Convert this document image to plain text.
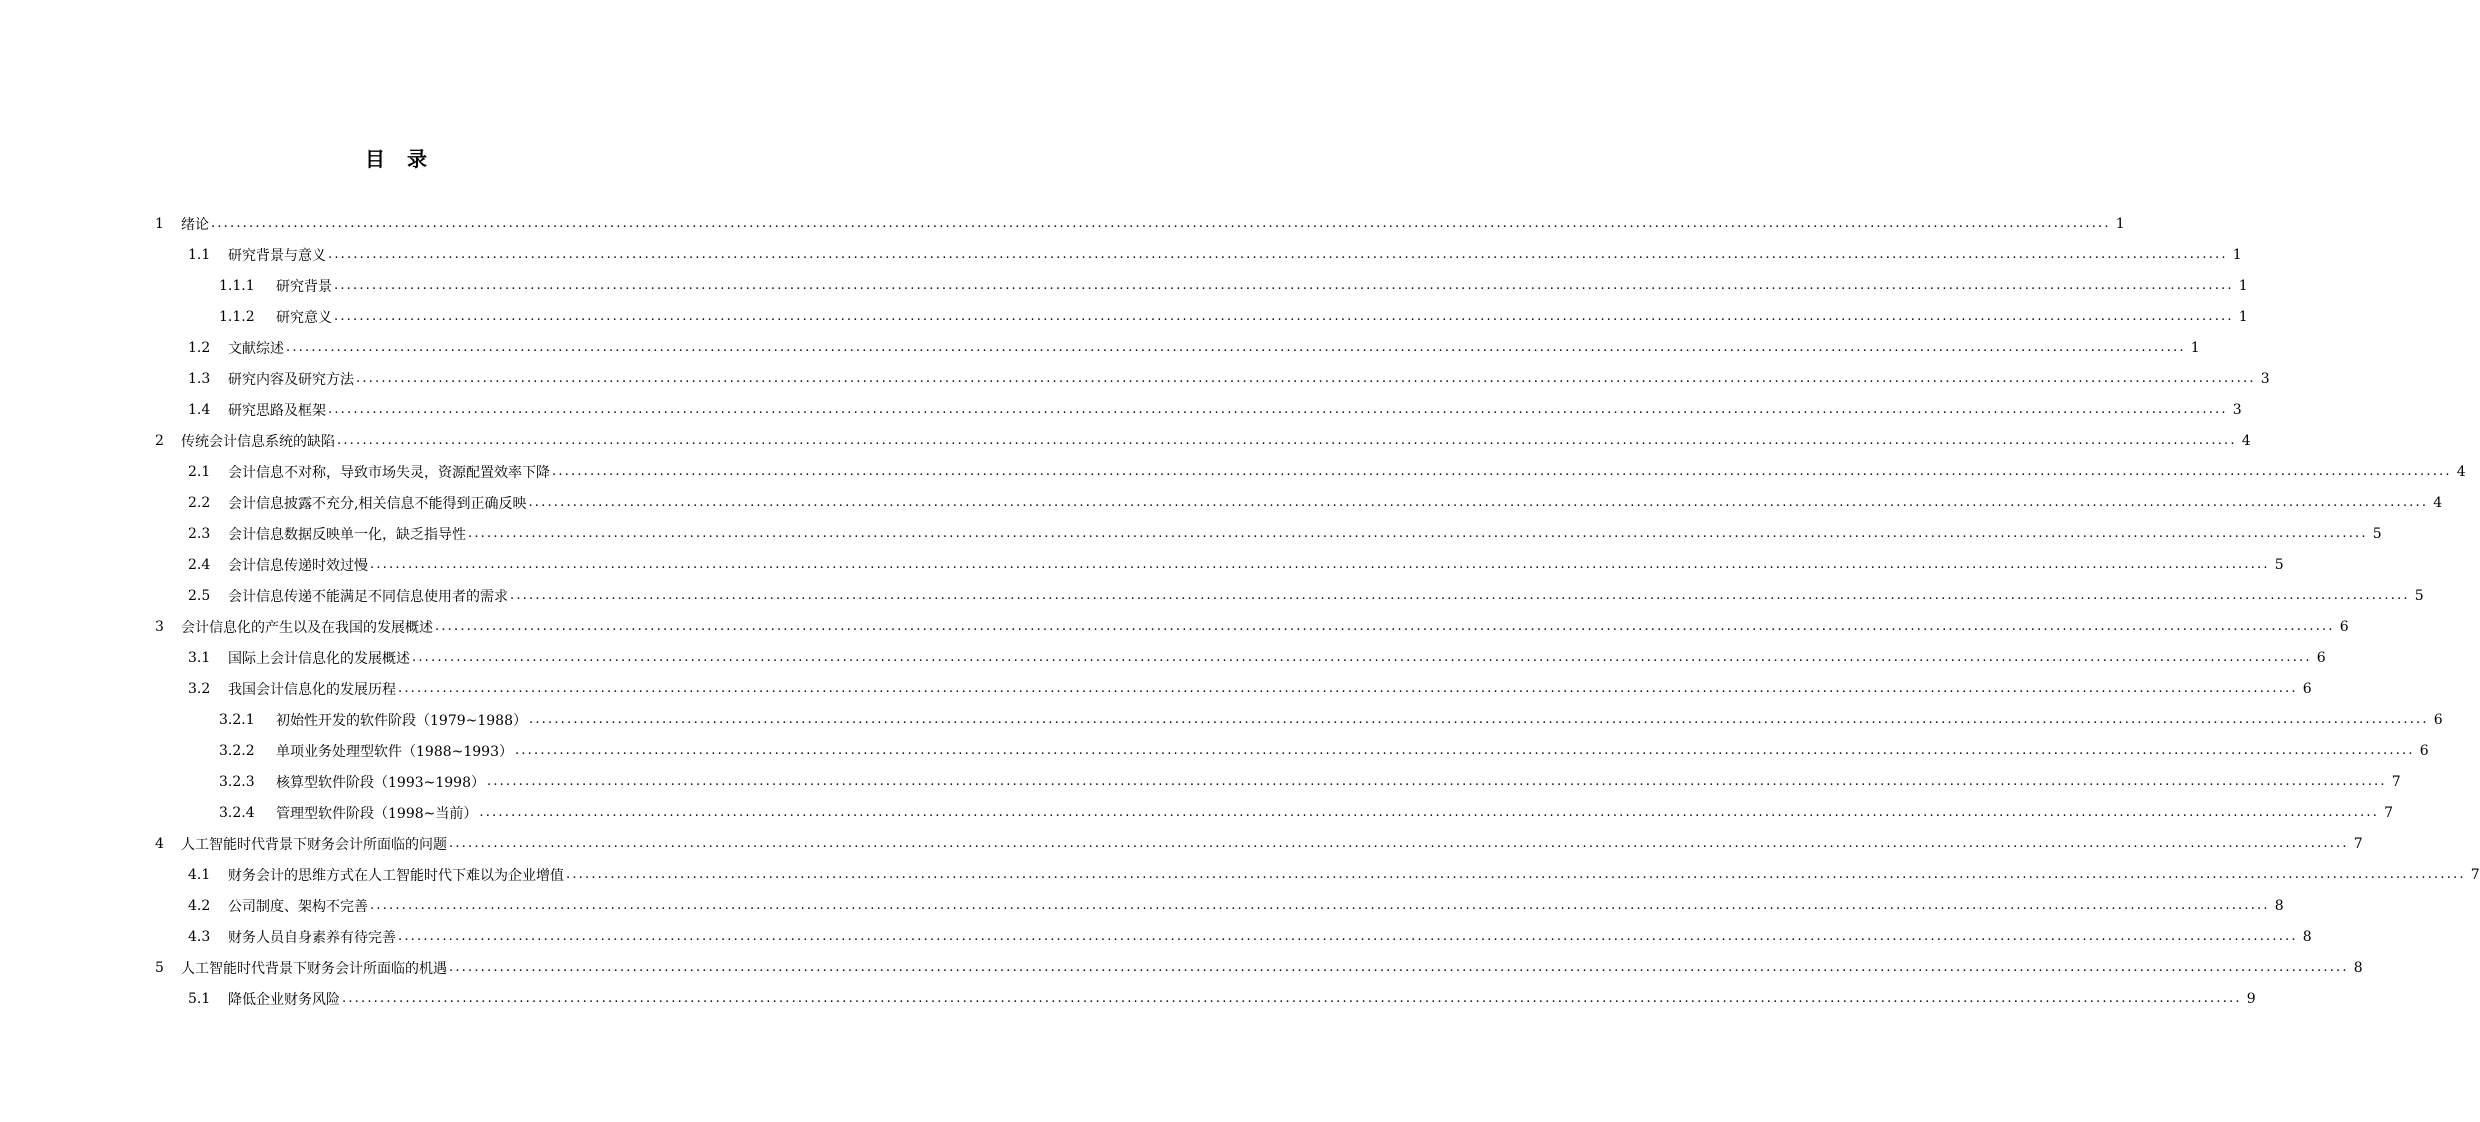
目　录
1	绪论 ............................................................................................................................................................................................................................................................................................................ 1
1.1	研究背景与意义 ............................................................................................................................................................................................................................................................................................................ 1
1.1.1	研究背景 ............................................................................................................................................................................................................................................................................................................ 1
1.1.2	研究意义 ............................................................................................................................................................................................................................................................................................................ 1
1.2	文献综述 ............................................................................................................................................................................................................................................................................................................ 1
1.3	研究内容及研究方法 ............................................................................................................................................................................................................................................................................................................ 3
1.4	研究思路及框架 ............................................................................................................................................................................................................................................................................................................ 3
2	传统会计信息系统的缺陷 ............................................................................................................................................................................................................................................................................................................ 4
2.1	会计信息不对称，导致市场失灵，资源配置效率下降 ............................................................................................................................................................................................................................................................................................................ 4
2.2	会计信息披露不充分,相关信息不能得到正确反映 ............................................................................................................................................................................................................................................................................................................ 4
2.3	会计信息数据反映单一化，缺乏指导性 ............................................................................................................................................................................................................................................................................................................ 5
2.4	会计信息传递时效过慢 ............................................................................................................................................................................................................................................................................................................ 5
2.5	会计信息传递不能满足不同信息使用者的需求 ............................................................................................................................................................................................................................................................................................................ 5
3	会计信息化的产生以及在我国的发展概述 ............................................................................................................................................................................................................................................................................................................ 6
3.1	国际上会计信息化的发展概述 ............................................................................................................................................................................................................................................................................................................ 6
3.2	我国会计信息化的发展历程 ............................................................................................................................................................................................................................................................................................................ 6
3.2.1	初始性开发的软件阶段（1979~1988） ............................................................................................................................................................................................................................................................................................................ 6
3.2.2	单项业务处理型软件（1988~1993） ............................................................................................................................................................................................................................................................................................................ 6
3.2.3	核算型软件阶段（1993~1998） ............................................................................................................................................................................................................................................................................................................ 7
3.2.4	管理型软件阶段（1998~当前） ............................................................................................................................................................................................................................................................................................................ 7
4	人工智能时代背景下财务会计所面临的问题 ............................................................................................................................................................................................................................................................................................................ 7
4.1	财务会计的思维方式在人工智能时代下难以为企业增值 ............................................................................................................................................................................................................................................................................................................ 7
4.2	公司制度、架构不完善 ............................................................................................................................................................................................................................................................................................................ 8
4.3	财务人员自身素养有待完善 ............................................................................................................................................................................................................................................................................................................ 8
5	人工智能时代背景下财务会计所面临的机遇 ............................................................................................................................................................................................................................................................................................................ 8
5.1	降低企业财务风险 ............................................................................................................................................................................................................................................................................................................ 9
